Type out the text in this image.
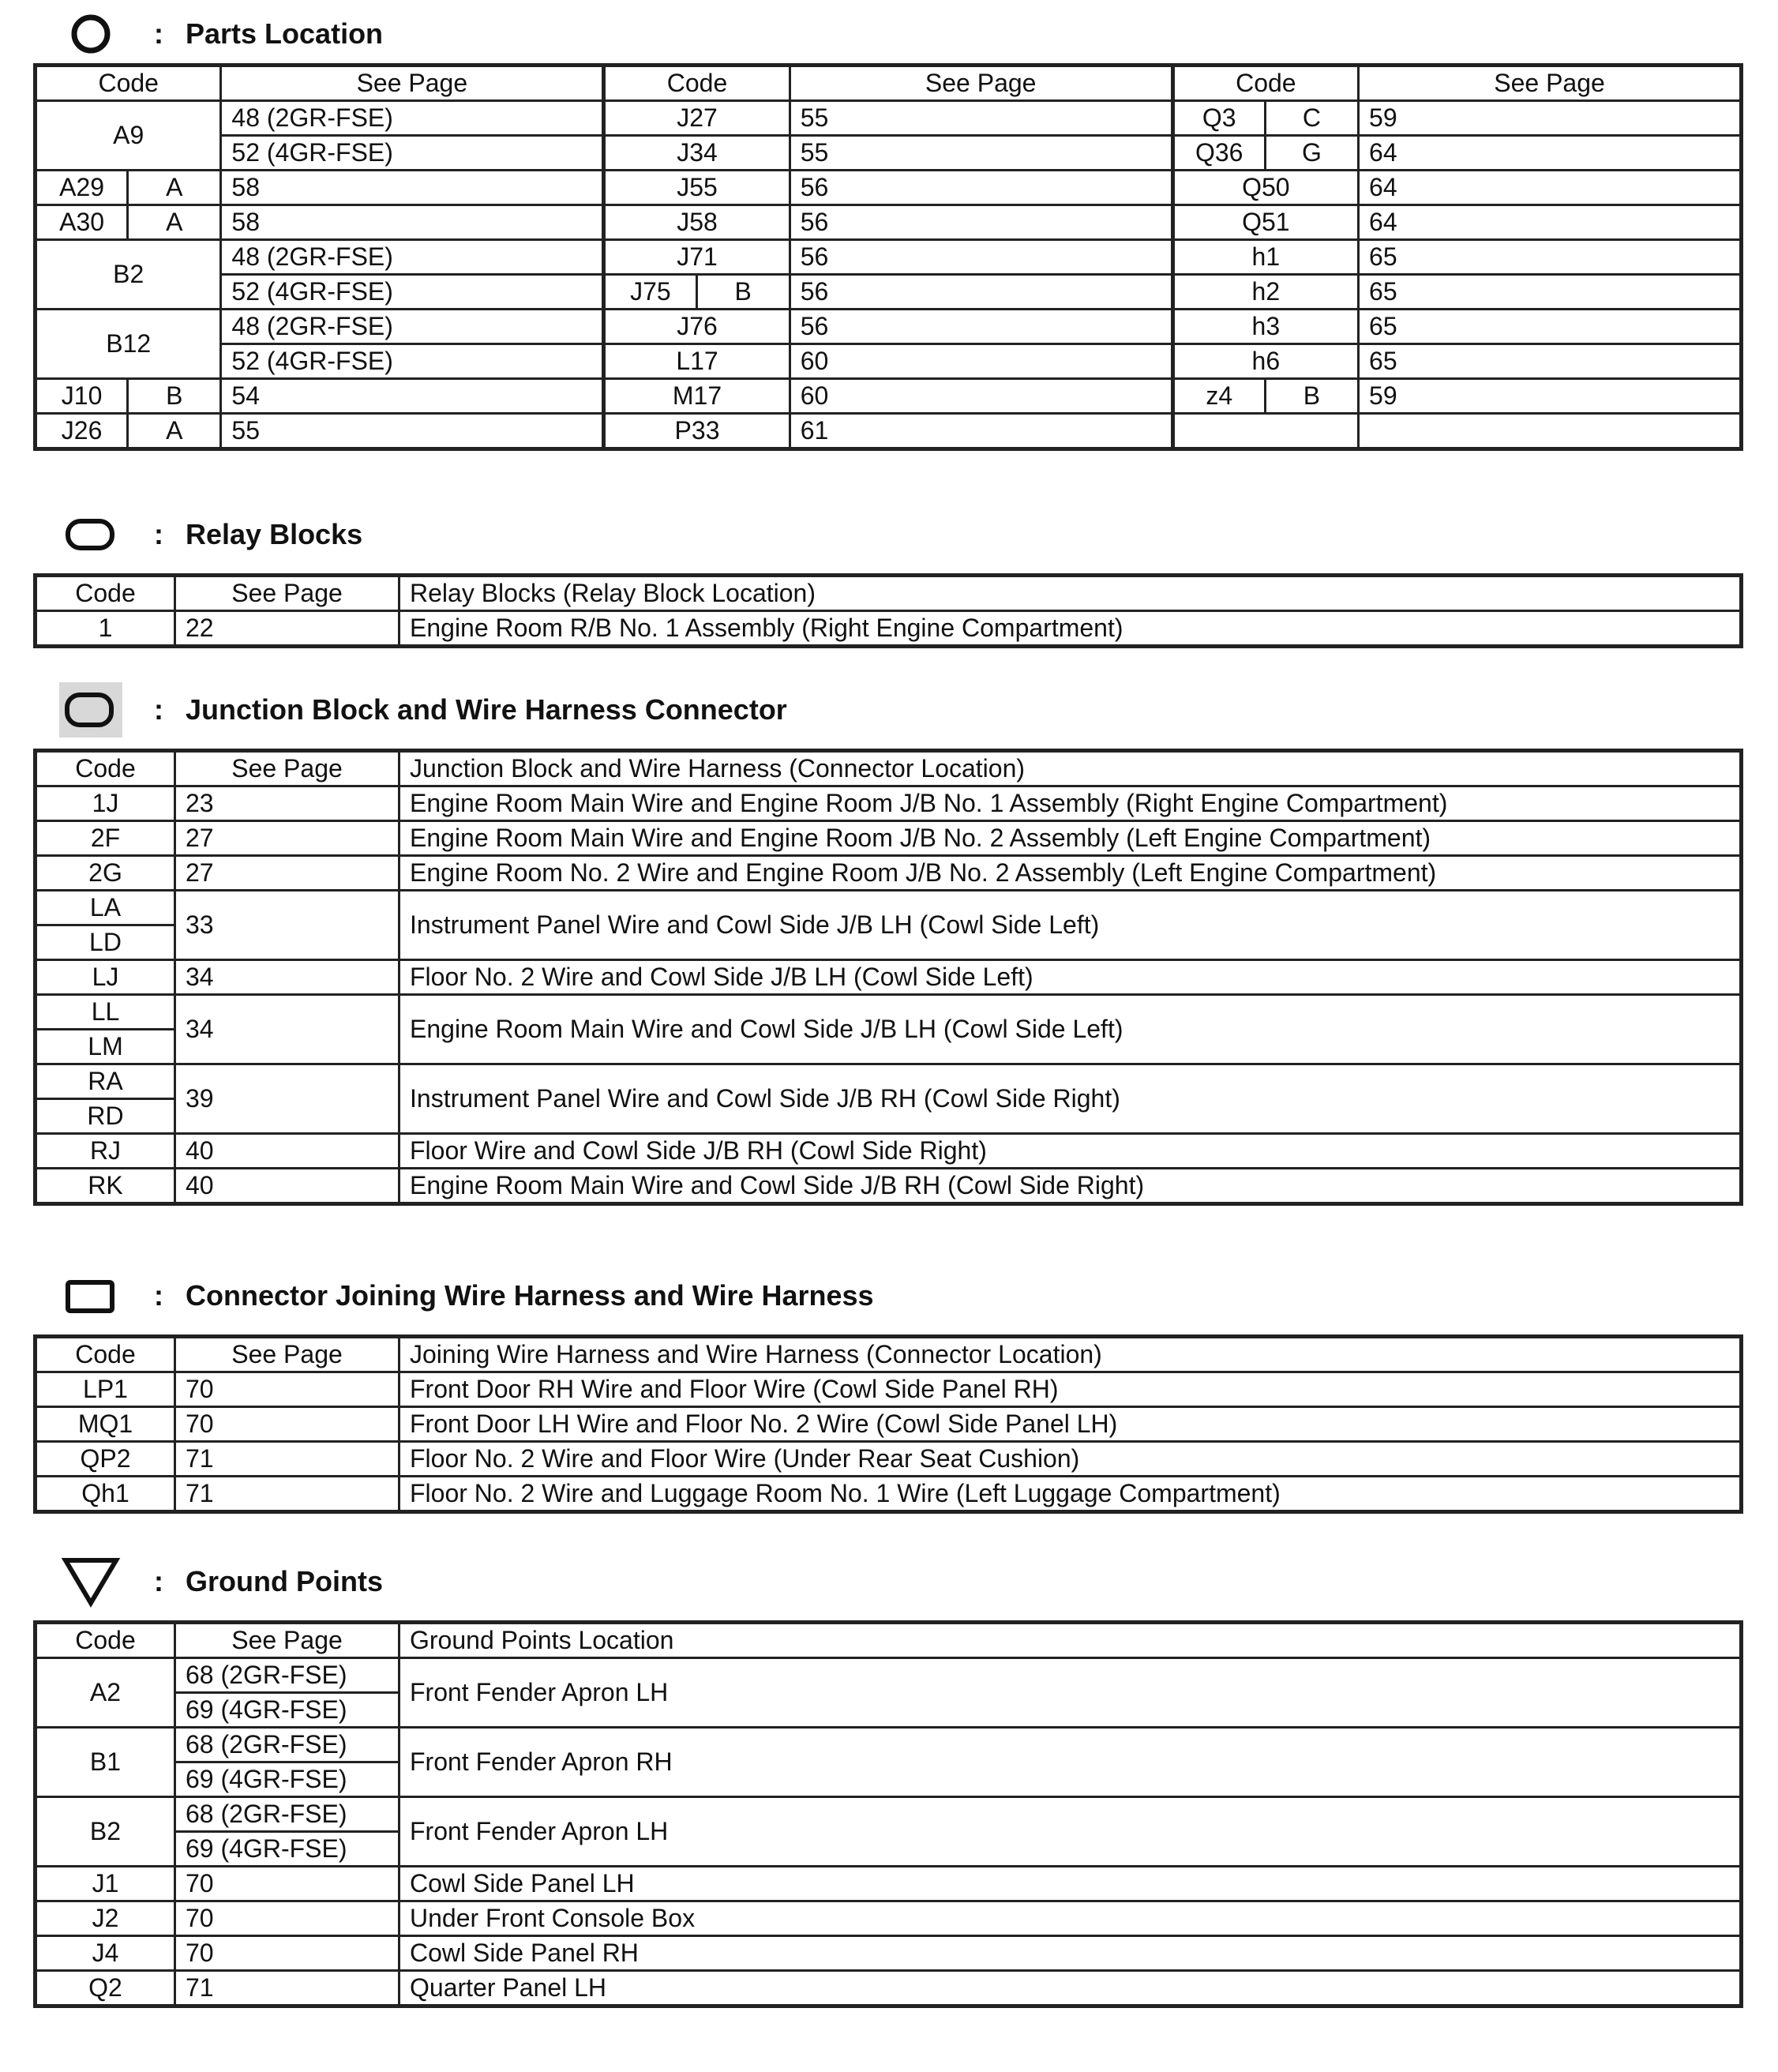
: Parts Location
Code		See Page	Code		See Page	Code		See Page
A9		48 (2GR-FSE)	J27		55	Q3	C	59
		52 (4GR-FSE)	J34		55	Q36	G	64
A29	A	58	J55		56	Q50		64
A30	A	58	J58		56	Q51		64
B2		48 (2GR-FSE)	J71		56	h1		65
		52 (4GR-FSE)	J75	B	56	h2		65
B12		48 (2GR-FSE)	J76		56	h3		65
		52 (4GR-FSE)	L17		60	h6		65
J10	B	54	M17		60	z4	B	59
J26	A	55	P33		61			
: Relay Blocks
Code	See Page	Relay Blocks (Relay Block Location)
1	22	Engine Room R/B No. 1 Assembly (Right Engine Compartment)
: Junction Block and Wire Harness Connector
Code	See Page	Junction Block and Wire Harness (Connector Location)
1J	23	Engine Room Main Wire and Engine Room J/B No. 1 Assembly (Right Engine Compartment)
2F	27	Engine Room Main Wire and Engine Room J/B No. 2 Assembly (Left Engine Compartment)
2G	27	Engine Room No. 2 Wire and Engine Room J/B No. 2 Assembly (Left Engine Compartment)
LA	33	Instrument Panel Wire and Cowl Side J/B LH (Cowl Side Left)
LD		
LJ	34	Floor No. 2 Wire and Cowl Side J/B LH (Cowl Side Left)
LL	34	Engine Room Main Wire and Cowl Side J/B LH (Cowl Side Left)
LM		
RA	39	Instrument Panel Wire and Cowl Side J/B RH (Cowl Side Right)
RD		
RJ	40	Floor Wire and Cowl Side J/B RH (Cowl Side Right)
RK	40	Engine Room Main Wire and Cowl Side J/B RH (Cowl Side Right)
: Connector Joining Wire Harness and Wire Harness
Code	See Page	Joining Wire Harness and Wire Harness (Connector Location)
LP1	70	Front Door RH Wire and Floor Wire (Cowl Side Panel RH)
MQ1	70	Front Door LH Wire and Floor No. 2 Wire (Cowl Side Panel LH)
QP2	71	Floor No. 2 Wire and Floor Wire (Under Rear Seat Cushion)
Qh1	71	Floor No. 2 Wire and Luggage Room No. 1 Wire (Left Luggage Compartment)
: Ground Points
Code	See Page	Ground Points Location
A2	68 (2GR-FSE)	Front Fender Apron LH
	69 (4GR-FSE)	
B1	68 (2GR-FSE)	Front Fender Apron RH
	69 (4GR-FSE)	
B2	68 (2GR-FSE)	Front Fender Apron LH
	69 (4GR-FSE)	
J1	70	Cowl Side Panel LH
J2	70	Under Front Console Box
J4	70	Cowl Side Panel RH
Q2	71	Quarter Panel LH
